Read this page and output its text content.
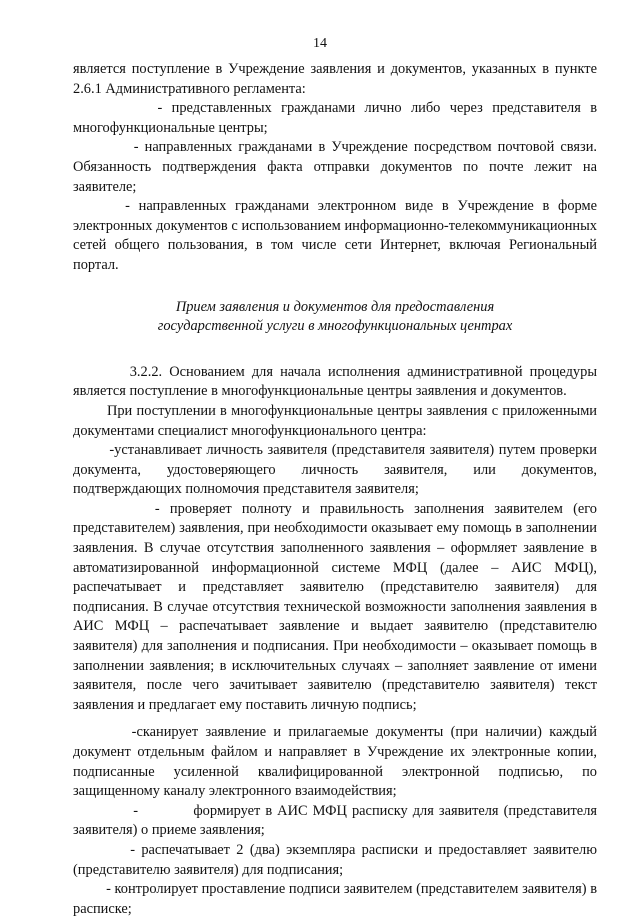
14

является поступление в Учреждение заявления и документов, указанных в пункте 2.6.1 Административного регламента:

- представленных гражданами лично либо через представителя в многофункциональные центры;

- направленных гражданами в Учреждение посредством почтовой связи. Обязанность подтверждения факта отправки документов по почте лежит на заявителе;

- направленных гражданами электронном виде в Учреждение в форме электронных документов с использованием информационно-телекоммуникационных сетей общего пользования, в том числе сети Интернет, включая Региональный портал.

Прием заявления и документов для предоставления
государственной услуги в многофункциональных центрах

3.2.2. Основанием для начала исполнения административной процедуры является поступление в многофункциональные центры заявления и документов.

При поступлении в многофункциональные центры заявления с приложенными документами специалист многофункционального центра:

-устанавливает личность заявителя (представителя заявителя) путем проверки документа, удостоверяющего личность заявителя, или документов, подтверждающих полномочия представителя заявителя;

- проверяет полноту и правильность заполнения заявителем (его представителем) заявления, при необходимости оказывает ему помощь в заполнении заявления. В случае отсутствия заполненного заявления – оформляет заявление в автоматизированной информационной системе МФЦ (далее – АИС МФЦ), распечатывает и представляет заявителю (представителю заявителя) для подписания. В случае отсутствия технической возможности заполнения заявления в АИС МФЦ – распечатывает заявление и выдает заявителю (представителю заявителя) для заполнения и подписания. При необходимости – оказывает помощь в заполнении заявления; в исключительных случаях – заполняет заявление от имени заявителя, после чего зачитывает заявителю (представителю заявителя) текст заявления и предлагает ему поставить личную подпись;

-сканирует заявление и прилагаемые документы (при наличии) каждый документ отдельным файлом и направляет в Учреждение их электронные копии, подписанные усиленной квалифицированной электронной подписью, по защищенному каналу электронного взаимодействия;

-           формирует в АИС МФЦ расписку для заявителя (представителя заявителя) о приеме заявления;

- распечатывает 2 (два) экземпляра расписки и предоставляет заявителю (представителю заявителя) для подписания;

- контролирует проставление подписи заявителем (представителем заявителя) в расписке;
